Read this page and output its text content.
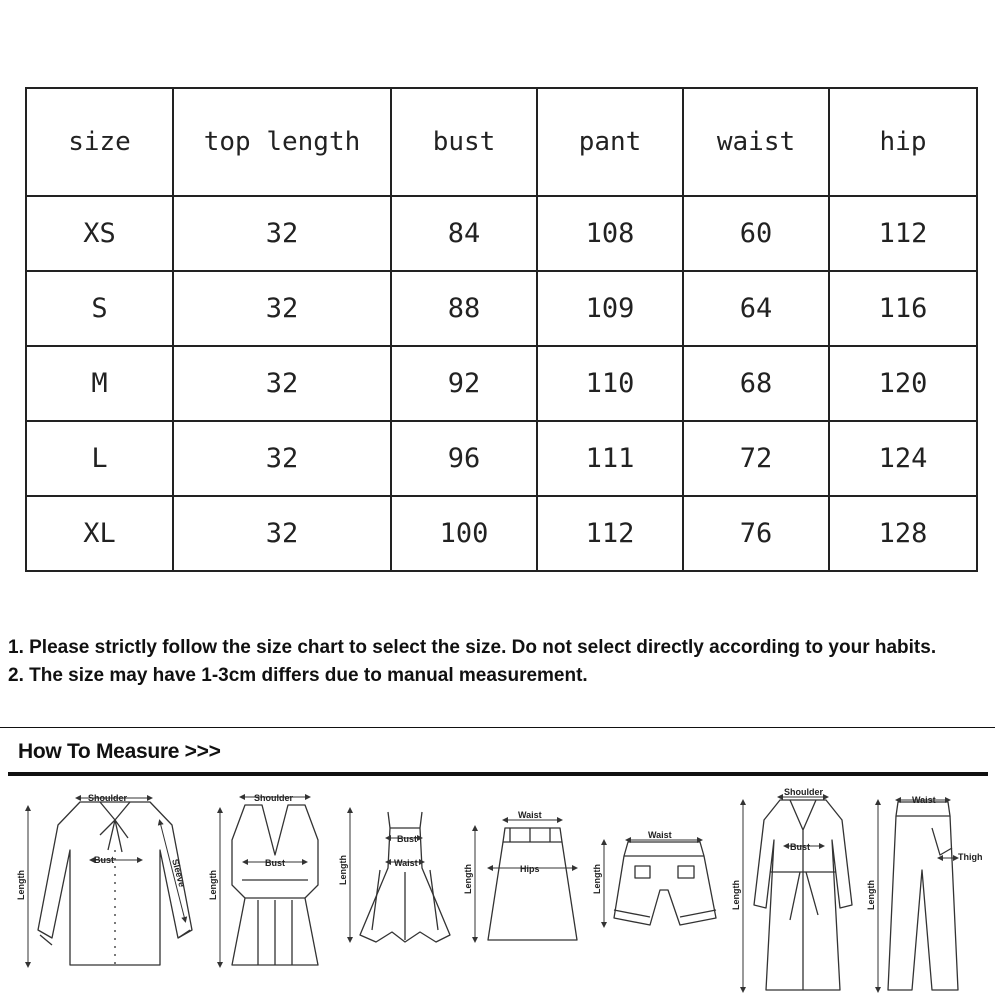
size	top length	bust	pant	waist	hip
XS	32	84	108	60	112
S	32	88	109	64	116
M	32	92	110	68	120
L	32	96	111	72	124
XL	32	100	112	76	128

1. Please strictly follow the size chart to select the size. Do not select directly according to your habits.

2. The size may have 1-3cm differs due to manual measurement.

How To Measure >>>
Shoulder
Bust
Length	Sleeve
Shoulder
Bust
Length
Bust
Waist
Length
Waist
Hips
Length
Waist
Length
Shoulder
Bust
Length
Waist
Length
Thigh
